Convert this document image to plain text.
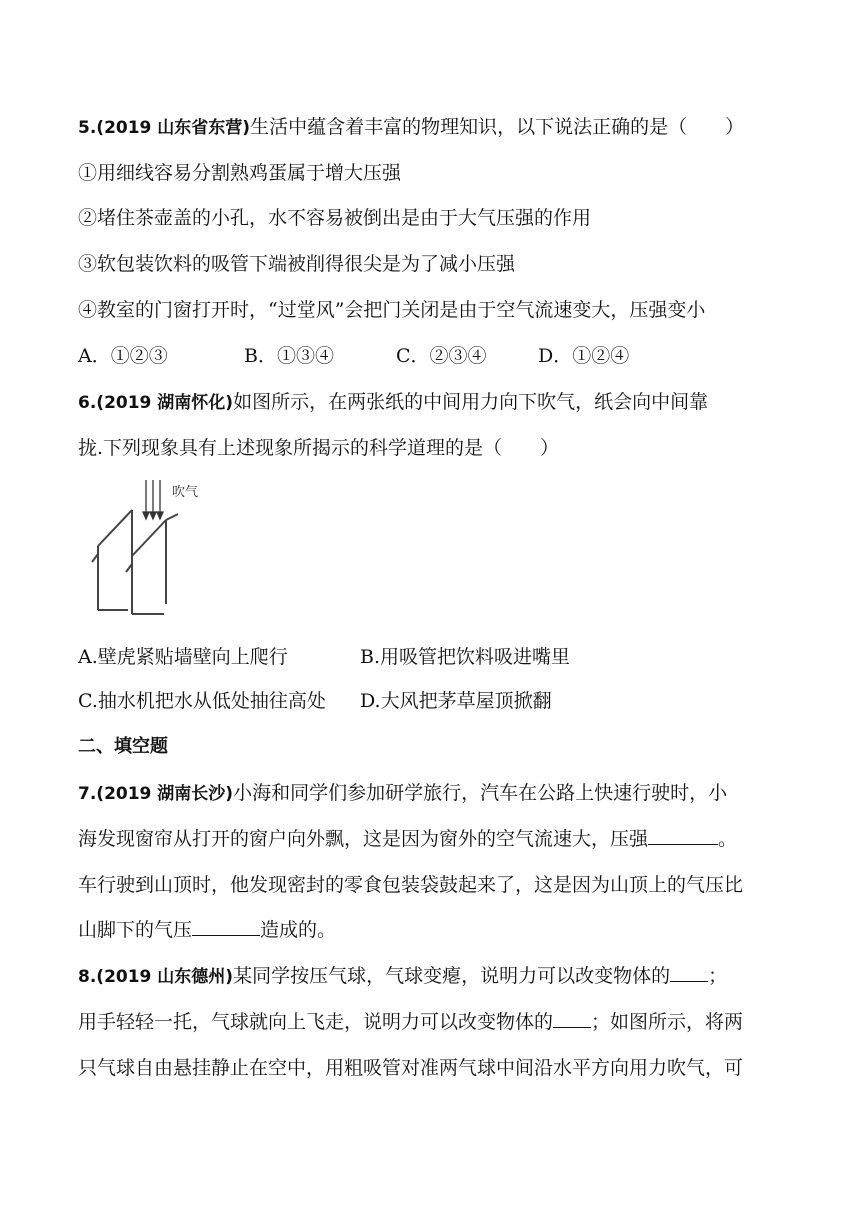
5.(2019 山东省东营)生活中蕴含着丰富的物理知识，以下说法正确的是（　　）
①用细线容易分割熟鸡蛋属于增大压强
②堵住茶壶盖的小孔，水不容易被倒出是由于大气压强的作用
③软包装饮料的吸管下端被削得很尖是为了减小压强
④教室的门窗打开时，“过堂风”会把门关闭是由于空气流速变大，压强变小
A．①②③	B．①③④	C．②③④	D．①②④
6.(2019 湖南怀化)如图所示，在两张纸的中间用力向下吹气，纸会向中间靠
拢.下列现象具有上述现象所揭示的科学道理的是（　　）
吹气
A.壁虎紧贴墙壁向上爬行	B.用吸管把饮料吸进嘴里
C.抽水机把水从低处抽往高处 D.大风把茅草屋顶掀翻
二、填空题
7.(2019 湖南长沙)小海和同学们参加研学旅行，汽车在公路上快速行驶时，小
海发现窗帘从打开的窗户向外飘，这是因为窗外的空气流速大，压强	。
车行驶到山顶时，他发现密封的零食包装袋鼓起来了，这是因为山顶上的气压比
山脚下的气压	造成的。
8.(2019 山东德州)某同学按压气球，气球变瘪，说明力可以改变物体的 ；
用手轻轻一托，气球就向上飞走，说明力可以改变物体的 ；如图所示，将两
只气球自由悬挂静止在空中，用粗吸管对准两气球中间沿水平方向用力吹气，可
